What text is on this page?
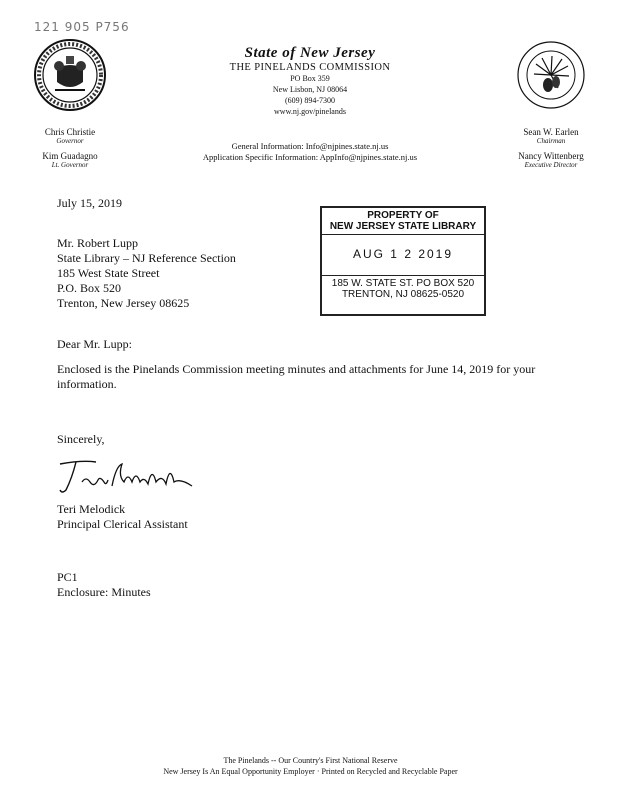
121 905 P756
State of New Jersey
THE PINELANDS COMMISSION
PO Box 359
New Lisbon, NJ 08064
(609) 894-7300
www.nj.gov/pinelands
General Information: Info@njpines.state.nj.us
Application Specific Information: AppInfo@njpines.state.nj.us
Chris Christie
Governor
Kim Guadagno
Lt. Governor
Sean W. Earlen
Chairman
Nancy Wittenberg
Executive Director
July 15, 2019
Mr. Robert Lupp
State Library – NJ Reference Section
185 West State Street
P.O. Box 520
Trenton, New Jersey 08625
PROPERTY OF
NEW JERSEY STATE LIBRARY
AUG 1 2 2019
185 W. STATE ST. PO BOX 520
TRENTON, NJ 08625-0520
Dear Mr. Lupp:
Enclosed is the Pinelands Commission meeting minutes and attachments for June 14, 2019 for your information.
Sincerely,
Teri Melodick
Principal Clerical Assistant
PC1
Enclosure: Minutes
The Pinelands -- Our Country's First National Reserve
New Jersey Is An Equal Opportunity Employer · Printed on Recycled and Recyclable Paper
